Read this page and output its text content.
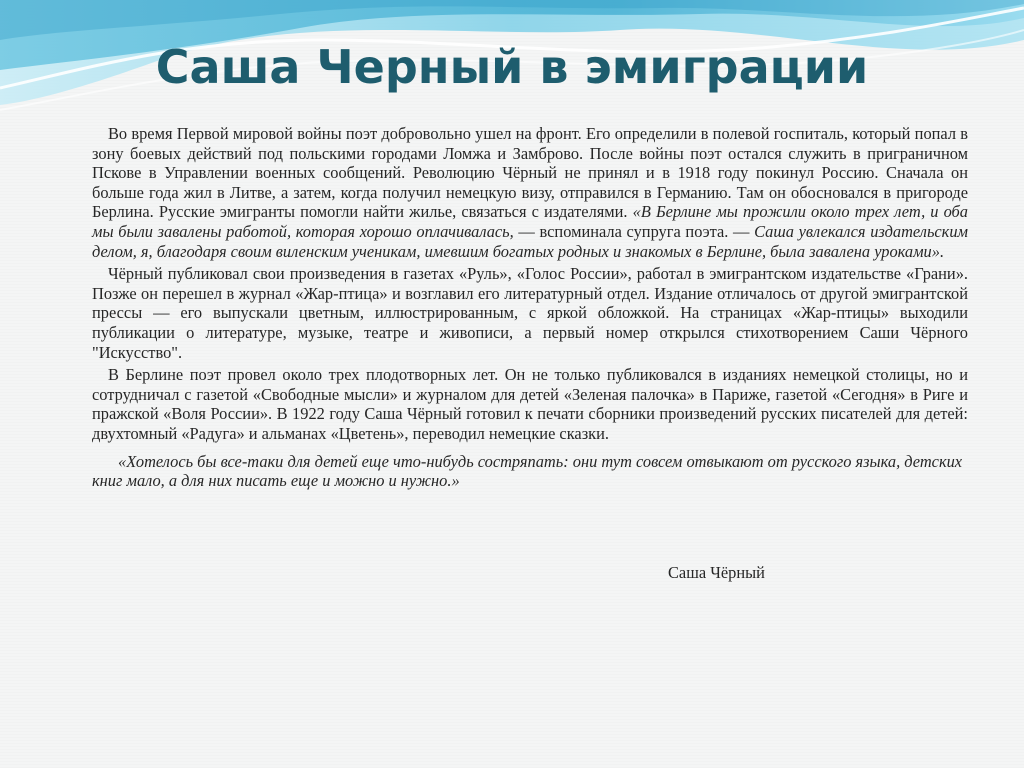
Саша Черный в эмиграции

Во время Первой мировой войны поэт добровольно ушел на фронт. Его определили в полевой госпиталь, который попал в зону боевых действий под польскими городами Ломжа и Замброво. После войны поэт остался служить в приграничном Пскове в Управлении военных сообщений. Революцию Чёрный не принял и в 1918 году покинул Россию. Сначала он больше года жил в Литве, а затем, когда получил немецкую визу, отправился в Германию. Там он обосновался в пригороде Берлина. Русские эмигранты помогли найти жилье, связаться с издателями. «В Берлине мы прожили около трех лет, и оба мы были завалены работой, которая хорошо оплачивалась, — вспоминала супруга поэта. — Саша увлекался издательским делом, я, благодаря своим виленским ученикам, имевшим богатых родных и знакомых в Берлине, была завалена уроками».

Чёрный публиковал свои произведения в газетах «Руль», «Голос России», работал в эмигрантском издательстве «Грани». Позже он перешел в журнал «Жар-птица» и возглавил его литературный отдел. Издание отличалось от другой эмигрантской прессы — его выпускали цветным, иллюстрированным, с яркой обложкой. На страницах «Жар-птицы» выходили публикации о литературе, музыке, театре и живописи, а первый номер открылся стихотворением Саши Чёрного "Искусство".

В Берлине поэт провел около трех плодотворных лет. Он не только публиковался в изданиях немецкой столицы, но и сотрудничал с газетой «Свободные мысли» и журналом для детей «Зеленая палочка» в Париже, газетой «Сегодня» в Риге и пражской «Воля России». В 1922 году Саша Чёрный готовил к печати сборники произведений русских писателей для детей: двухтомный «Радуга» и альманах «Цветень», переводил немецкие сказки.

«Хотелось бы все-таки для детей еще что-нибудь состряпать: они тут совсем отвыкают от русского языка, детских книг мало, а для них писать еще и можно и нужно.»

Саша Чёрный
